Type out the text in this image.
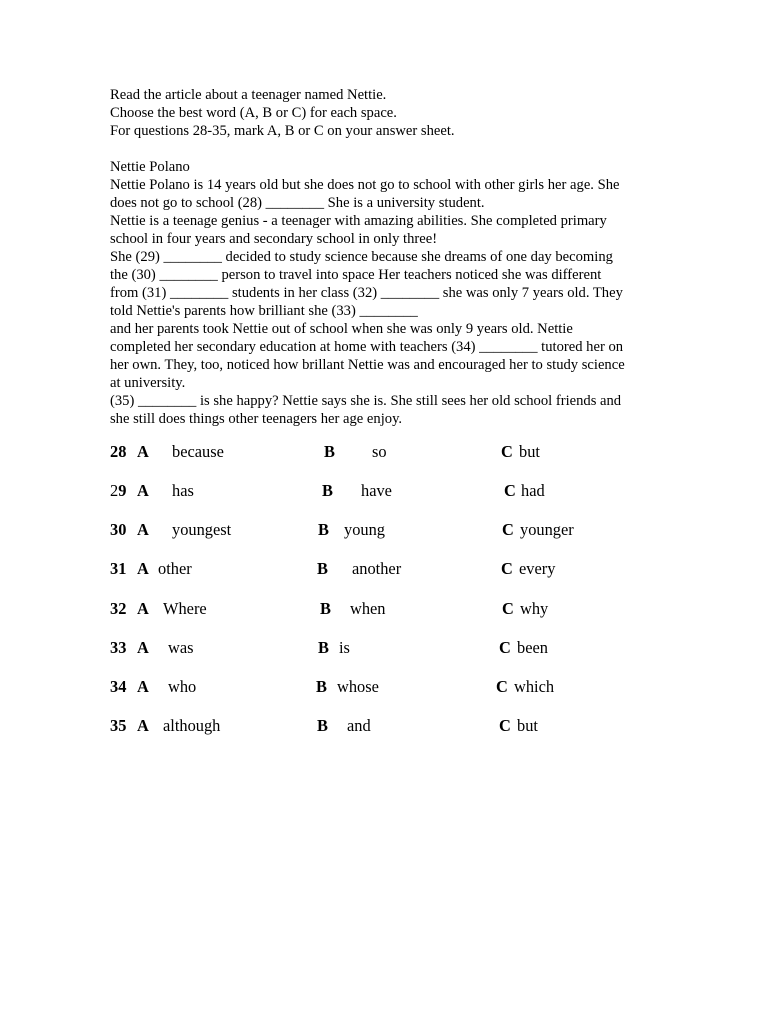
Read the article about a teenager named Nettie.
Choose the best word (A, B or C) for each space.
For questions 28-35, mark A, B or C on your answer sheet.
Nettie Polano
Nettie Polano is 14 years old but she does not go to school with other girls her age. She
does not go to school (28) ________ She is a university student.
Nettie is a teenage genius - a teenager with amazing abilities. She completed primary
school in four years and secondary school in only three!
She (29) ________ decided to study science because she dreams of one day becoming
the (30) ________ person to travel into space Her teachers noticed she was different
from (31) ________ students in her class (32) ________ she was only 7 years old. They
told Nettie's parents how brilliant she (33) ________
and her parents took Nettie out of school when she was only 9 years old. Nettie
completed her secondary education at home with teachers (34) ________ tutored her on
her own. They, too, noticed how brillant Nettie was and encouraged her to study science
at university.
(35) ________ is she happy? Nettie says she is. She still sees her old school friends and
she still does things other teenagers her age enjoy.
28 A because	B so	C but
29 A has	B have	C had
30 A youngest	B young	C younger
31 A other	B another	C every
32 A Where	B when	C why
33 A was	B is	C been
34 A who	B whose	C which
35 A although	B and	C but
